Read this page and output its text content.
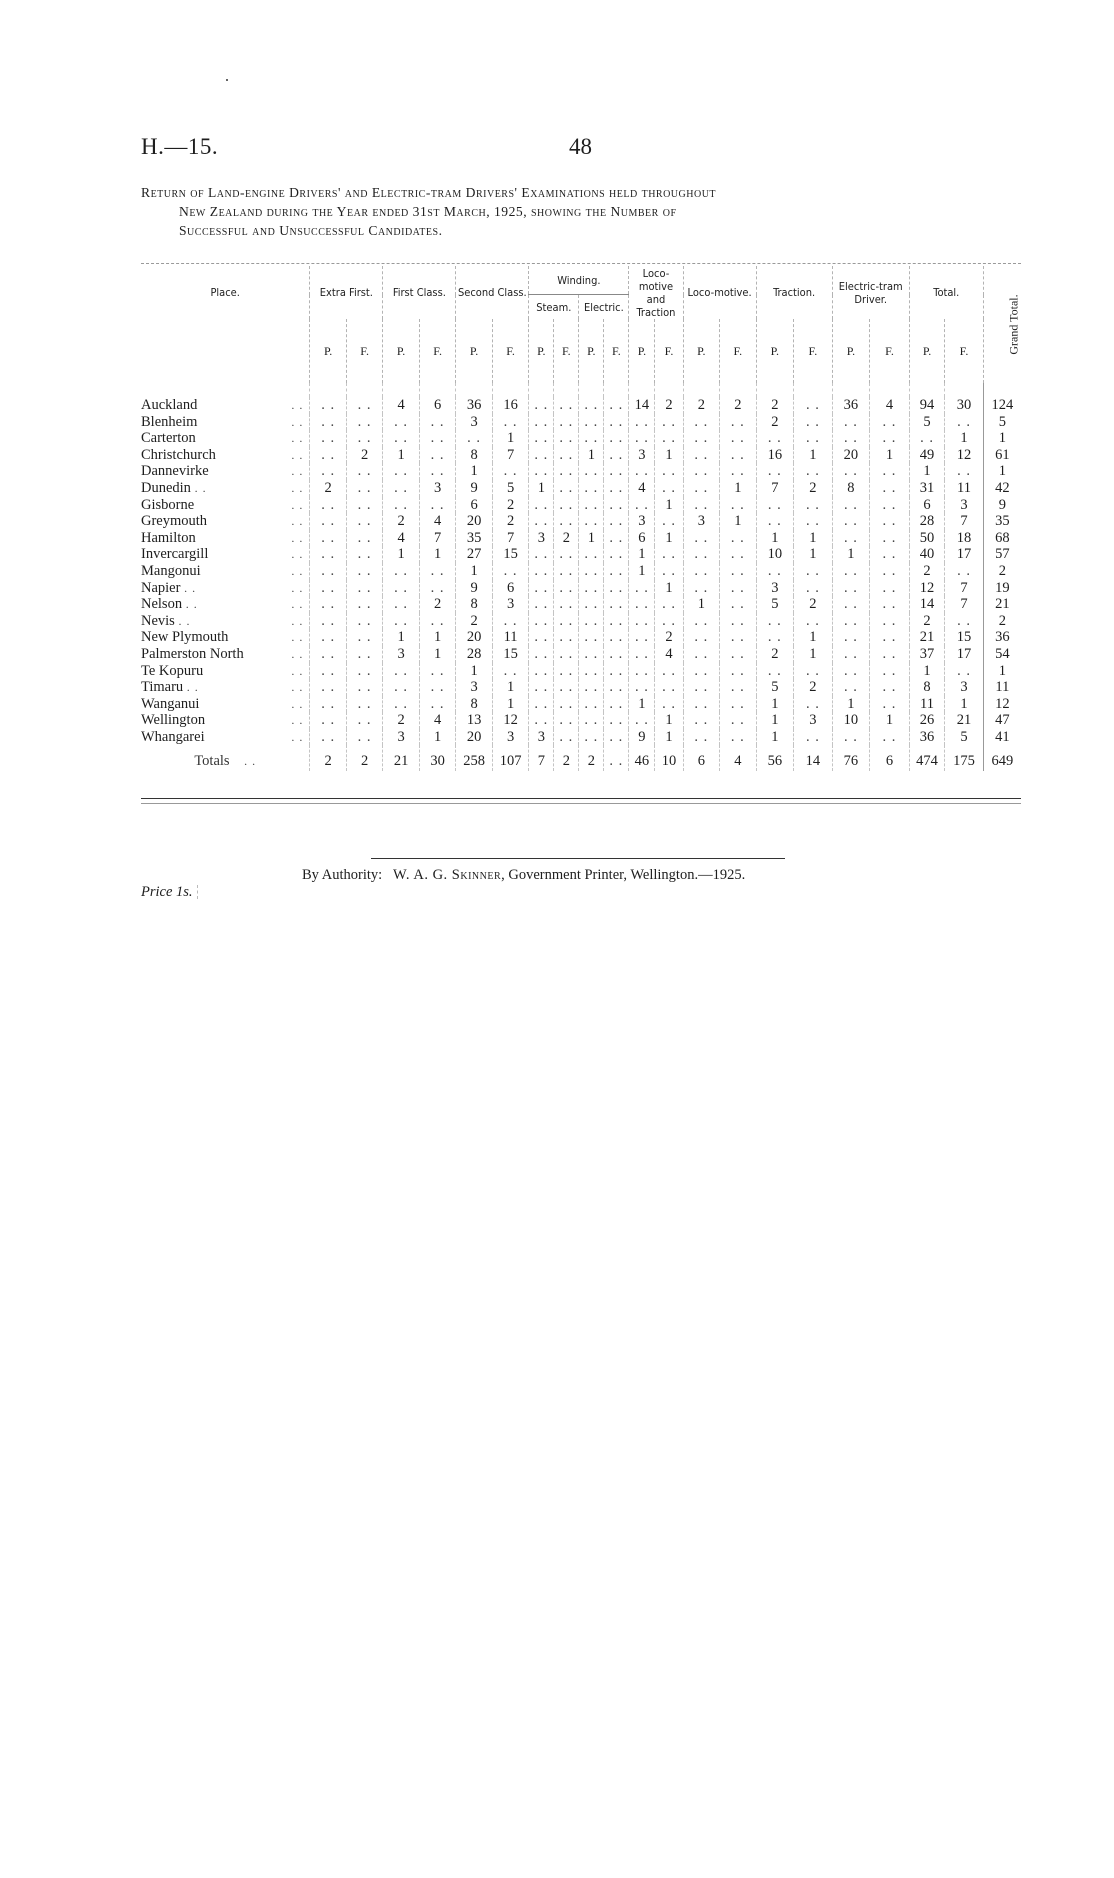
H.—15.	48
Return of Land-engine Drivers' and Electric-tram Drivers' Examinations held throughout
New Zealand during the Year ended 31st March, 1925, showing the Number of
Successful and Unsuccessful Candidates.
Place.	Extra First.		First Class.		Second Class.		Winding.				Loco-motive and Traction		Loco-motive.		Traction.		Electric-tram Driver.		Total.		Grand Total.
							Steam.		Electric.												
	P.	F.	P.	F.	P.	F.	P.	F.	P.	F.	P.	F.	P.	F.	P.	F.	P.	F.	P.	F.	

Auckland . .	. .	. .	4	6	36	16	. .	. .	. .	. .	14	2	2	2	2	. .	36	4	94	30	124
Blenheim . .	. .	. .	. .	. .	3	. .	. .	. .	. .	. .	. .	. .	. .	. .	2	. .	. .	. .	5	. .	5
Carterton . .	. .	. .	. .	. .	. .	1	. .	. .	. .	. .	. .	. .	. .	. .	. .	. .	. .	. .	. .	1	1
Christchurch . .	. .	2	1	. .	8	7	. .	. .	1	. .	3	1	. .	. .	16	1	20	1	49	12	61
Dannevirke . .	. .	. .	. .	. .	1	. .	. .	. .	. .	. .	. .	. .	. .	. .	. .	. .	. .	. .	1	. .	1
Dunedin . . . .	2	. .	. .	3	9	5	1	. .	. .	. .	4	. .	. .	1	7	2	8	. .	31	11	42
Gisborne . .	. .	. .	. .	. .	6	2	. .	. .	. .	. .	. .	1	. .	. .	. .	. .	. .	. .	6	3	9
Greymouth . .	. .	. .	2	4	20	2	. .	. .	. .	. .	3	. .	3	1	. .	. .	. .	. .	28	7	35
Hamilton . .	. .	. .	4	7	35	7	3	2	1	. .	6	1	. .	. .	1	1	. .	. .	50	18	68
Invercargill . .	. .	. .	1	1	27	15	. .	. .	. .	. .	1	. .	. .	. .	10	1	1	. .	40	17	57
Mangonui . .	. .	. .	. .	. .	1	. .	. .	. .	. .	. .	1	. .	. .	. .	. .	. .	. .	. .	2	. .	2
Napier . . . .	. .	. .	. .	. .	9	6	. .	. .	. .	. .	. .	1	. .	. .	3	. .	. .	. .	12	7	19
Nelson . . . .	. .	. .	. .	2	8	3	. .	. .	. .	. .	. .	. .	1	. .	5	2	. .	. .	14	7	21
Nevis . . . .	. .	. .	. .	. .	2	. .	. .	. .	. .	. .	. .	. .	. .	. .	. .	. .	. .	. .	2	. .	2
New Plymouth . .	. .	. .	1	1	20	11	. .	. .	. .	. .	. .	2	. .	. .	. .	1	. .	. .	21	15	36
Palmerston North . .	. .	. .	3	1	28	15	. .	. .	. .	. .	. .	4	. .	. .	2	1	. .	. .	37	17	54
Te Kopuru . .	. .	. .	. .	. .	1	. .	. .	. .	. .	. .	. .	. .	. .	. .	. .	. .	. .	. .	1	. .	1
Timaru . . . .	. .	. .	. .	. .	3	1	. .	. .	. .	. .	. .	. .	. .	. .	5	2	. .	. .	8	3	11
Wanganui . .	. .	. .	. .	. .	8	1	. .	. .	. .	. .	1	. .	. .	. .	1	. .	1	. .	11	1	12
Wellington . .	. .	. .	2	4	13	12	. .	. .	. .	. .	. .	1	. .	. .	1	3	10	1	26	21	47
Whangarei . .	. .	. .	3	1	20	3	3	. .	. .	. .	9	1	. .	. .	1	. .	. .	. .	36	5	41
Totals . .	2	2	21	30	258	107	7	2	2	. .	46	10	6	4	56	14	76	6	474	175	649
By Authority: W. A. G. Skinner, Government Printer, Wellington.—1925.
Price 1s.
